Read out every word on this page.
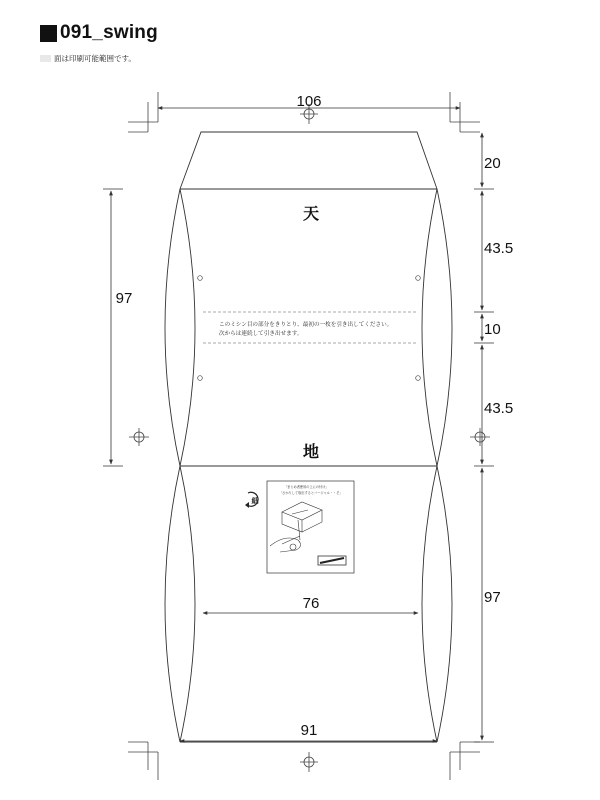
091_swing
面は印刷可能範囲です。
このミシン目の部分をきりとり、最初の一枚を引き出してください。
次からは連続して引き出せます。
天
地
紙
「まとめ者使用の上にの付け」
「さかりして取出するとバージャル・・そ」
106
91
76
97
20
43.5
10
43.5
97
